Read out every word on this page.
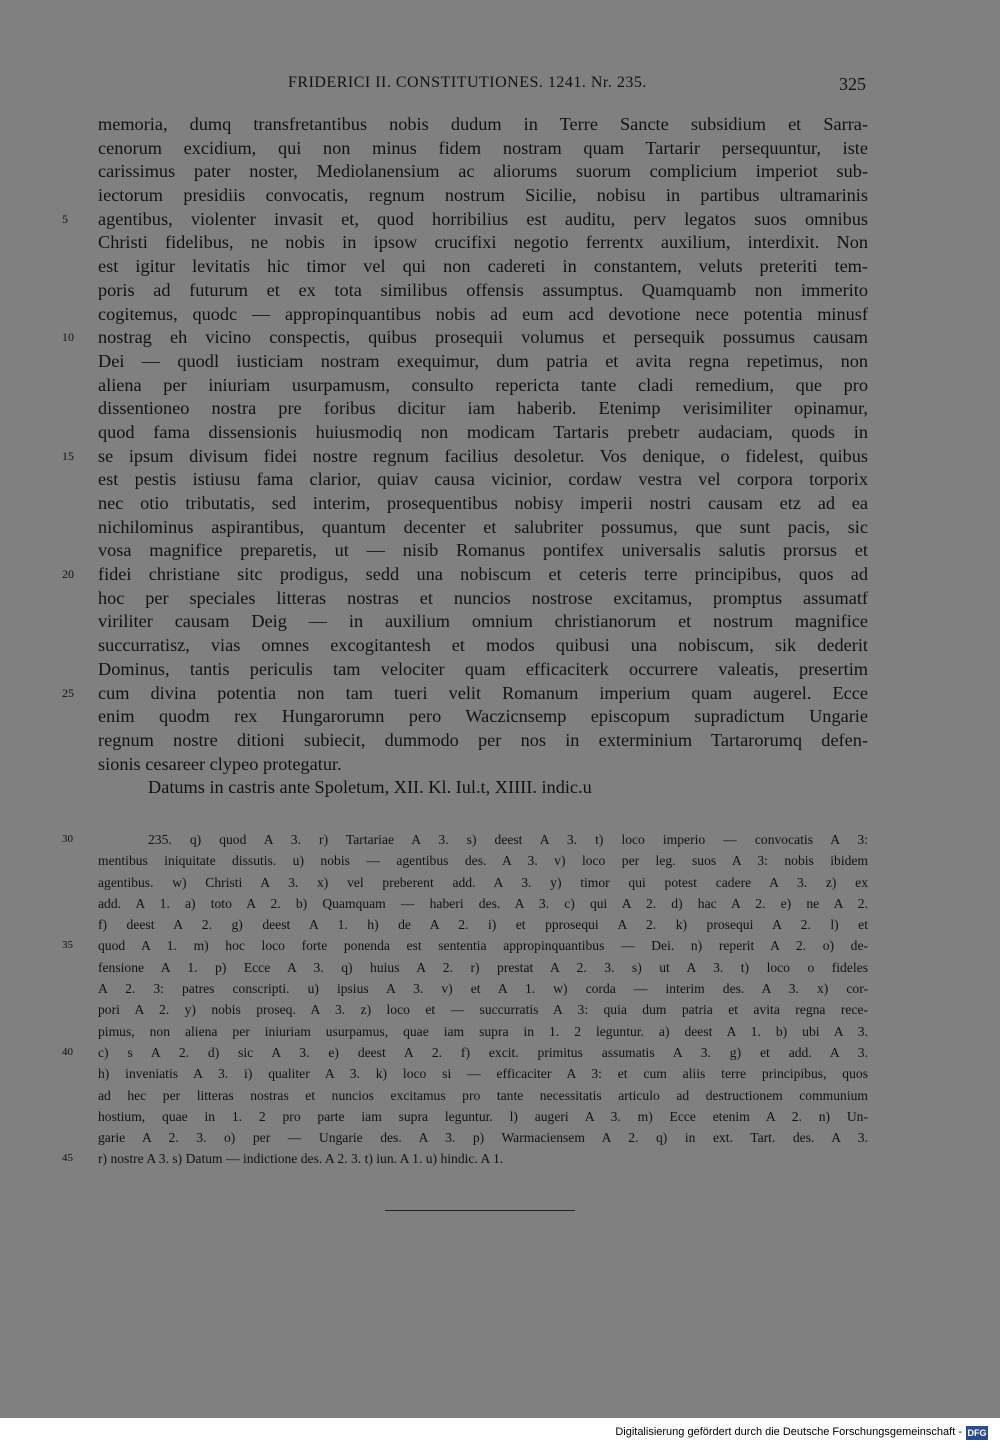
FRIDERICI II. CONSTITUTIONES. 1241. Nr. 235.	325
memoria, dumq transfretantibus nobis dudum in Terre Sancte subsidium et Sarra-
cenorum excidium, qui non minus fidem nostram quam Tartarir persequuntur, iste
carissimus pater noster, Mediolanensium ac aliorums suorum complicium imperiot sub-
iectorum presidiis convocatis, regnum nostrum Sicilie, nobisu in partibus ultramarinis
5	agentibus, violenter invasit et, quod horribilius est auditu, perv legatos suos omnibus
Christi fidelibus, ne nobis in ipsow crucifixi negotio ferrentx auxilium, interdixit. Non
est igitur levitatis hic timor vel qui non cadereti in constantem, veluts preteriti tem-
poris ad futurum et ex tota similibus offensis assumptus. Quamquamb non immerito
cogitemus, quodc — appropinquantibus nobis ad eum acd devotione nece potentia minusf
10	nostrag eh vicino conspectis, quibus prosequii volumus et persequik possumus causam
Dei — quodl iusticiam nostram exequimur, dum patria et avita regna repetimus, non
aliena per iniuriam usurpamusm, consulto repericta tante cladi remedium, que pro
dissentioneo nostra pre foribus dicitur iam haberib. Etenimp verisimiliter opinamur,
quod fama dissensionis huiusmodiq non modicam Tartaris prebetr audaciam, quods in
15	se ipsum divisum fidei nostre regnum facilius desoletur. Vos denique, o fidelest, quibus
est pestis istiusu fama clarior, quiav causa vicinior, cordaw vestra vel corpora torporix
nec otio tributatis, sed interim, prosequentibus nobisy imperii nostri causam etz ad ea
nichilominus aspirantibus, quantum decenter et salubriter possumus, que sunt pacis, sic
vosa magnifice preparetis, ut — nisib Romanus pontifex universalis salutis prorsus et
20	fidei christiane sitc prodigus, sedd una nobiscum et ceteris terre principibus, quos ad
hoc per speciales litteras nostras et nuncios nostrose excitamus, promptus assumatf
viriliter causam Deig — in auxilium omnium christianorum et nostrum magnifice
succurratisz, vias omnes excogitantesh et modos quibusi una nobiscum, sik dederit
Dominus, tantis periculis tam velociter quam efficaciterk occurrere valeatis, presertim
25	cum divina potentia non tam tueri velit Romanum imperium quam augerel. Ecce
enim quodm rex Hungarorumn pero Waczicnsemp episcopum supradictum Ungarie
regnum nostre ditioni subiecit, dummodo per nos in exterminium Tartarorumq defen-
sionis cesareer clypeo protegatur.
Datums in castris ante Spoletum, XII. Kl. Iul.t, XIIII. indic.u
30	235. q) quod A 3. r) Tartariae A 3. s) deest A 3. t) loco imperio — convocatis A 3:
mentibus iniquitate dissutis. u) nobis — agentibus des. A 3. v) loco per leg. suos A 3: nobis ibidem
agentibus. w) Christi A 3. x) vel preberent add. A 3. y) timor qui potest cadere A 3. z) ex
add. A 1. a) toto A 2. b) Quamquam — haberi des. A 3. c) qui A 2. d) hac A 2. e) ne A 2.
f) deest A 2. g) deest A 1. h) de A 2. i) et pprosequi A 2. k) prosequi A 2. l) et
35	quod A 1. m) hoc loco forte ponenda est sententia appropinquantibus — Dei. n) reperit A 2. o) de-
fensione A 1. p) Ecce A 3. q) huius A 2. r) prestat A 2. 3. s) ut A 3. t) loco o fideles
A 2. 3: patres conscripti. u) ipsius A 3. v) et A 1. w) corda — interim des. A 3. x) cor-
pori A 2. y) nobis proseq. A 3. z) loco et — succurratis A 3: quia dum patria et avita regna rece-
pimus, non aliena per iniuriam usurpamus, quae iam supra in 1. 2 leguntur. a) deest A 1. b) ubi A 3.
40	c) s A 2. d) sic A 3. e) deest A 2. f) excit. primitus assumatis A 3. g) et add. A 3.
h) inveniatis A 3. i) qualiter A 3. k) loco si — efficaciter A 3: et cum aliis terre principibus, quos
ad hec per litteras nostras et nuncios excitamus pro tante necessitatis articulo ad destructionem communium
hostium, quae in 1. 2 pro parte iam supra leguntur. l) augeri A 3. m) Ecce etenim A 2. n) Un-
garie A 2. 3. o) per — Ungarie des. A 3. p) Warmaciensem A 2. q) in ext. Tart. des. A 3.
45	r) nostre A 3. s) Datum — indictione des. A 2. 3. t) iun. A 1. u) hindic. A 1.
Digitalisierung gefördert durch die Deutsche Forschungsgemeinschaft - DFG
